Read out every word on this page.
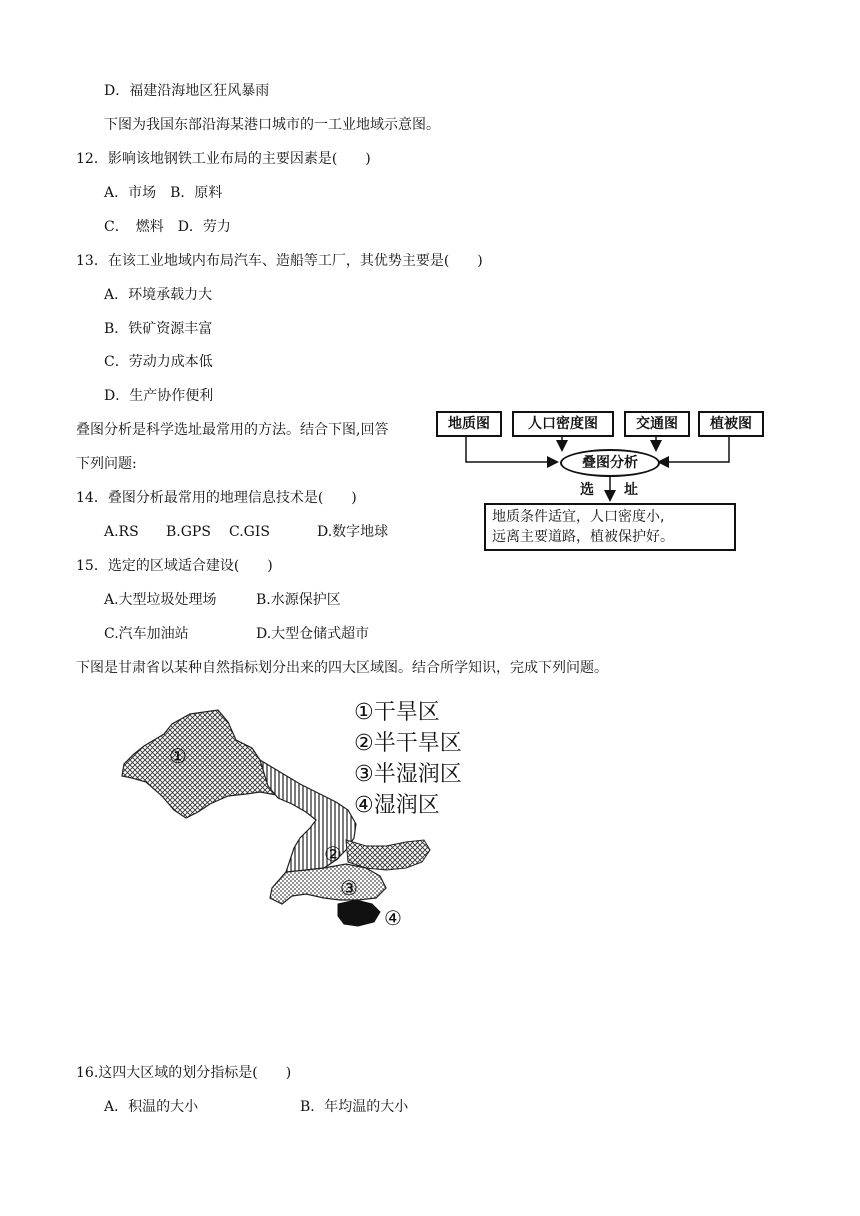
D．福建沿海地区狂风暴雨
下图为我国东部沿海某港口城市的一工业地域示意图。
12．影响该地钢铁工业布局的主要因素是(　　)
A．市场　B．原料
C．　燃料　D．劳力
13．在该工业地域内布局汽车、造船等工厂，其优势主要是(　　)
A．环境承载力大
B．铁矿资源丰富
C．劳动力成本低
D．生产协作便利
叠图分析是科学选址最常用的方法。结合下图,回答
下列问题:
14．叠图分析最常用的地理信息技术是(　　)
A.RS B.GPS C.GIS	D.数字地球
15．选定的区域适合建设(　　)
A.大型垃圾处理场	B.水源保护区
C.汽车加油站	D.大型仓储式超市
下图是甘肃省以某种自然指标划分出来的四大区域图。结合所学知识，完成下列问题。
16.这四大区域的划分指标是(　　)
A．积温的大小	B．年均温的大小
地质图	人口密度图	交通图	植被图
叠图分析
选 址
地质条件适宜，人口密度小,
远离主要道路，植被保护好。
①干旱区
②半干旱区
③半湿润区
④湿润区
①
②
③
④
